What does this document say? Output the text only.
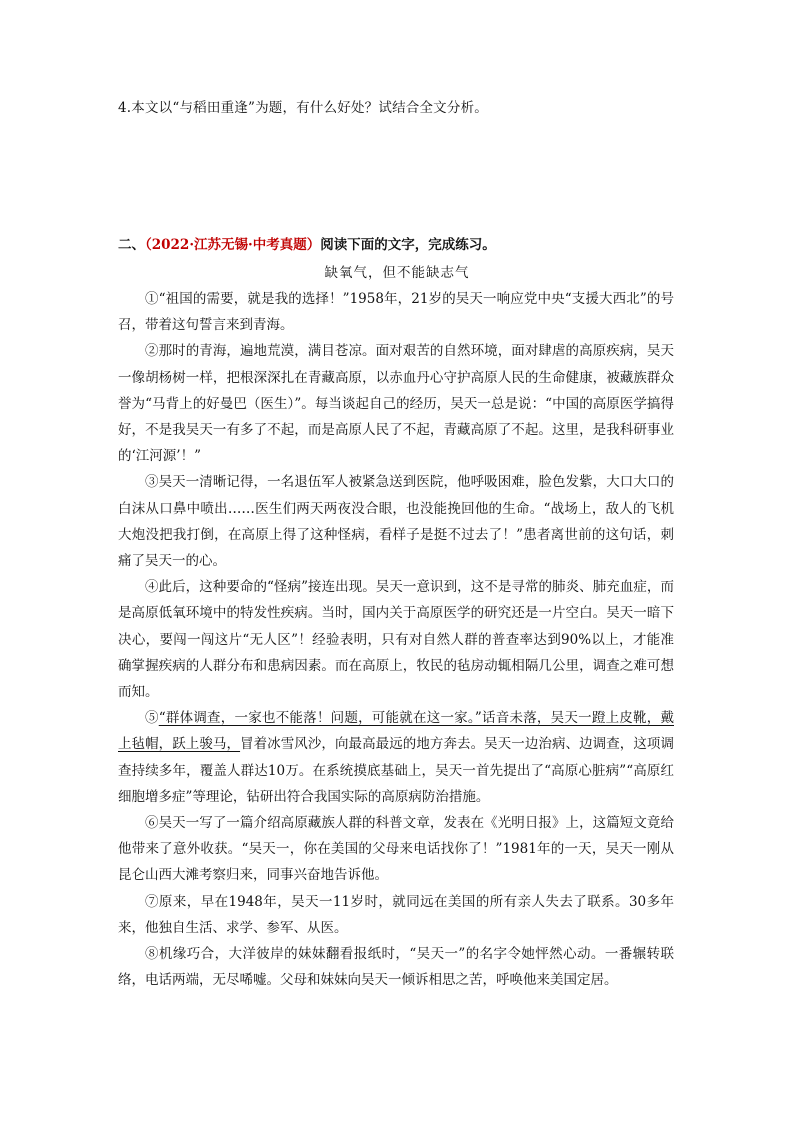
4.本文以“与稻田重逢”为题，有什么好处？试结合全文分析。
二、（2022·江苏无锡·中考真题）阅读下面的文字，完成练习。
缺氧气，但不能缺志气

①“祖国的需要，就是我的选择！”1958年，21岁的吴天一响应党中央“支援大西北”的号召，带着这句誓言来到青海。

②那时的青海，遍地荒漠，满目苍凉。面对艰苦的自然环境，面对肆虐的高原疾病，吴天一像胡杨树一样，把根深深扎在青藏高原，以赤血丹心守护高原人民的生命健康，被藏族群众誉为“马背上的好曼巴（医生）”。每当谈起自己的经历，吴天一总是说：“中国的高原医学搞得好，不是我吴天一有多了不起，而是高原人民了不起，青藏高原了不起。这里，是我科研事业的‘江河源’！”

③吴天一清晰记得，一名退伍军人被紧急送到医院，他呼吸困难，脸色发紫，大口大口的白沫从口鼻中喷出……医生们两天两夜没合眼，也没能挽回他的生命。“战场上，敌人的飞机大炮没把我打倒，在高原上得了这种怪病，看样子是挺不过去了！”患者离世前的这句话，刺痛了吴天一的心。

④此后，这种要命的“怪病”接连出现。吴天一意识到，这不是寻常的肺炎、肺充血症，而是高原低氧环境中的特发性疾病。当时，国内关于高原医学的研究还是一片空白。吴天一暗下决心，要闯一闯这片“无人区”！经验表明，只有对自然人群的普查率达到90%以上，才能准确掌握疾病的人群分布和患病因素。而在高原上，牧民的毡房动辄相隔几公里，调查之难可想而知。

⑤“群体调查，一家也不能落！问题，可能就在这一家。”话音未落，吴天一蹬上皮靴，戴上毡帽，跃上骏马，冒着冰雪风沙，向最高最远的地方奔去。吴天一边治病、边调查，这项调查持续多年，覆盖人群达10万。在系统摸底基础上，吴天一首先提出了“高原心脏病”“高原红细胞增多症”等理论，钻研出符合我国实际的高原病防治措施。

⑥吴天一写了一篇介绍高原藏族人群的科普文章，发表在《光明日报》上，这篇短文竟给他带来了意外收获。“吴天一，你在美国的父母来电话找你了！”1981年的一天，吴天一刚从昆仑山西大滩考察归来，同事兴奋地告诉他。

⑦原来，早在1948年，吴天一11岁时，就同远在美国的所有亲人失去了联系。30多年来，他独自生活、求学、参军、从医。

⑧机缘巧合，大洋彼岸的妹妹翻看报纸时，“吴天一”的名字令她怦然心动。一番辗转联络，电话两端，无尽唏嘘。父母和妹妹向吴天一倾诉相思之苦，呼唤他来美国定居。
